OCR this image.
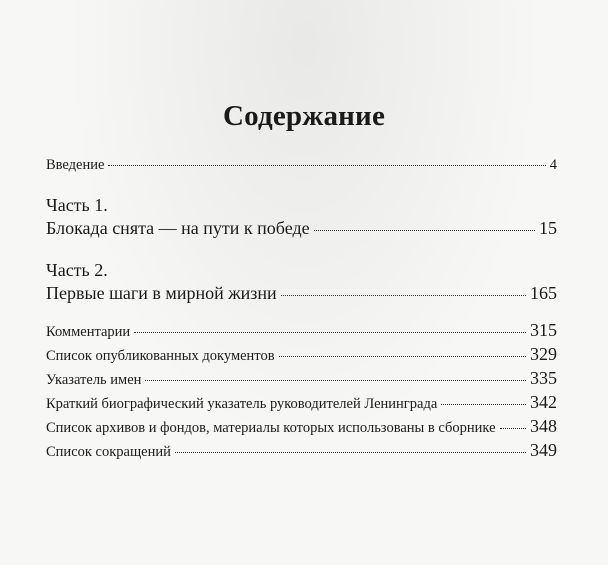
Содержание
Введение	4
Часть 1.
Блокада снята — на пути к победе	15
Часть 2.
Первые шаги в мирной жизни	165
Комментарии	315
Список опубликованных документов	329
Указатель имен	335
Краткий биографический указатель руководителей Ленинграда	342
Список архивов и фондов, материалы которых использованы в сборнике 348
Список сокращений	349
